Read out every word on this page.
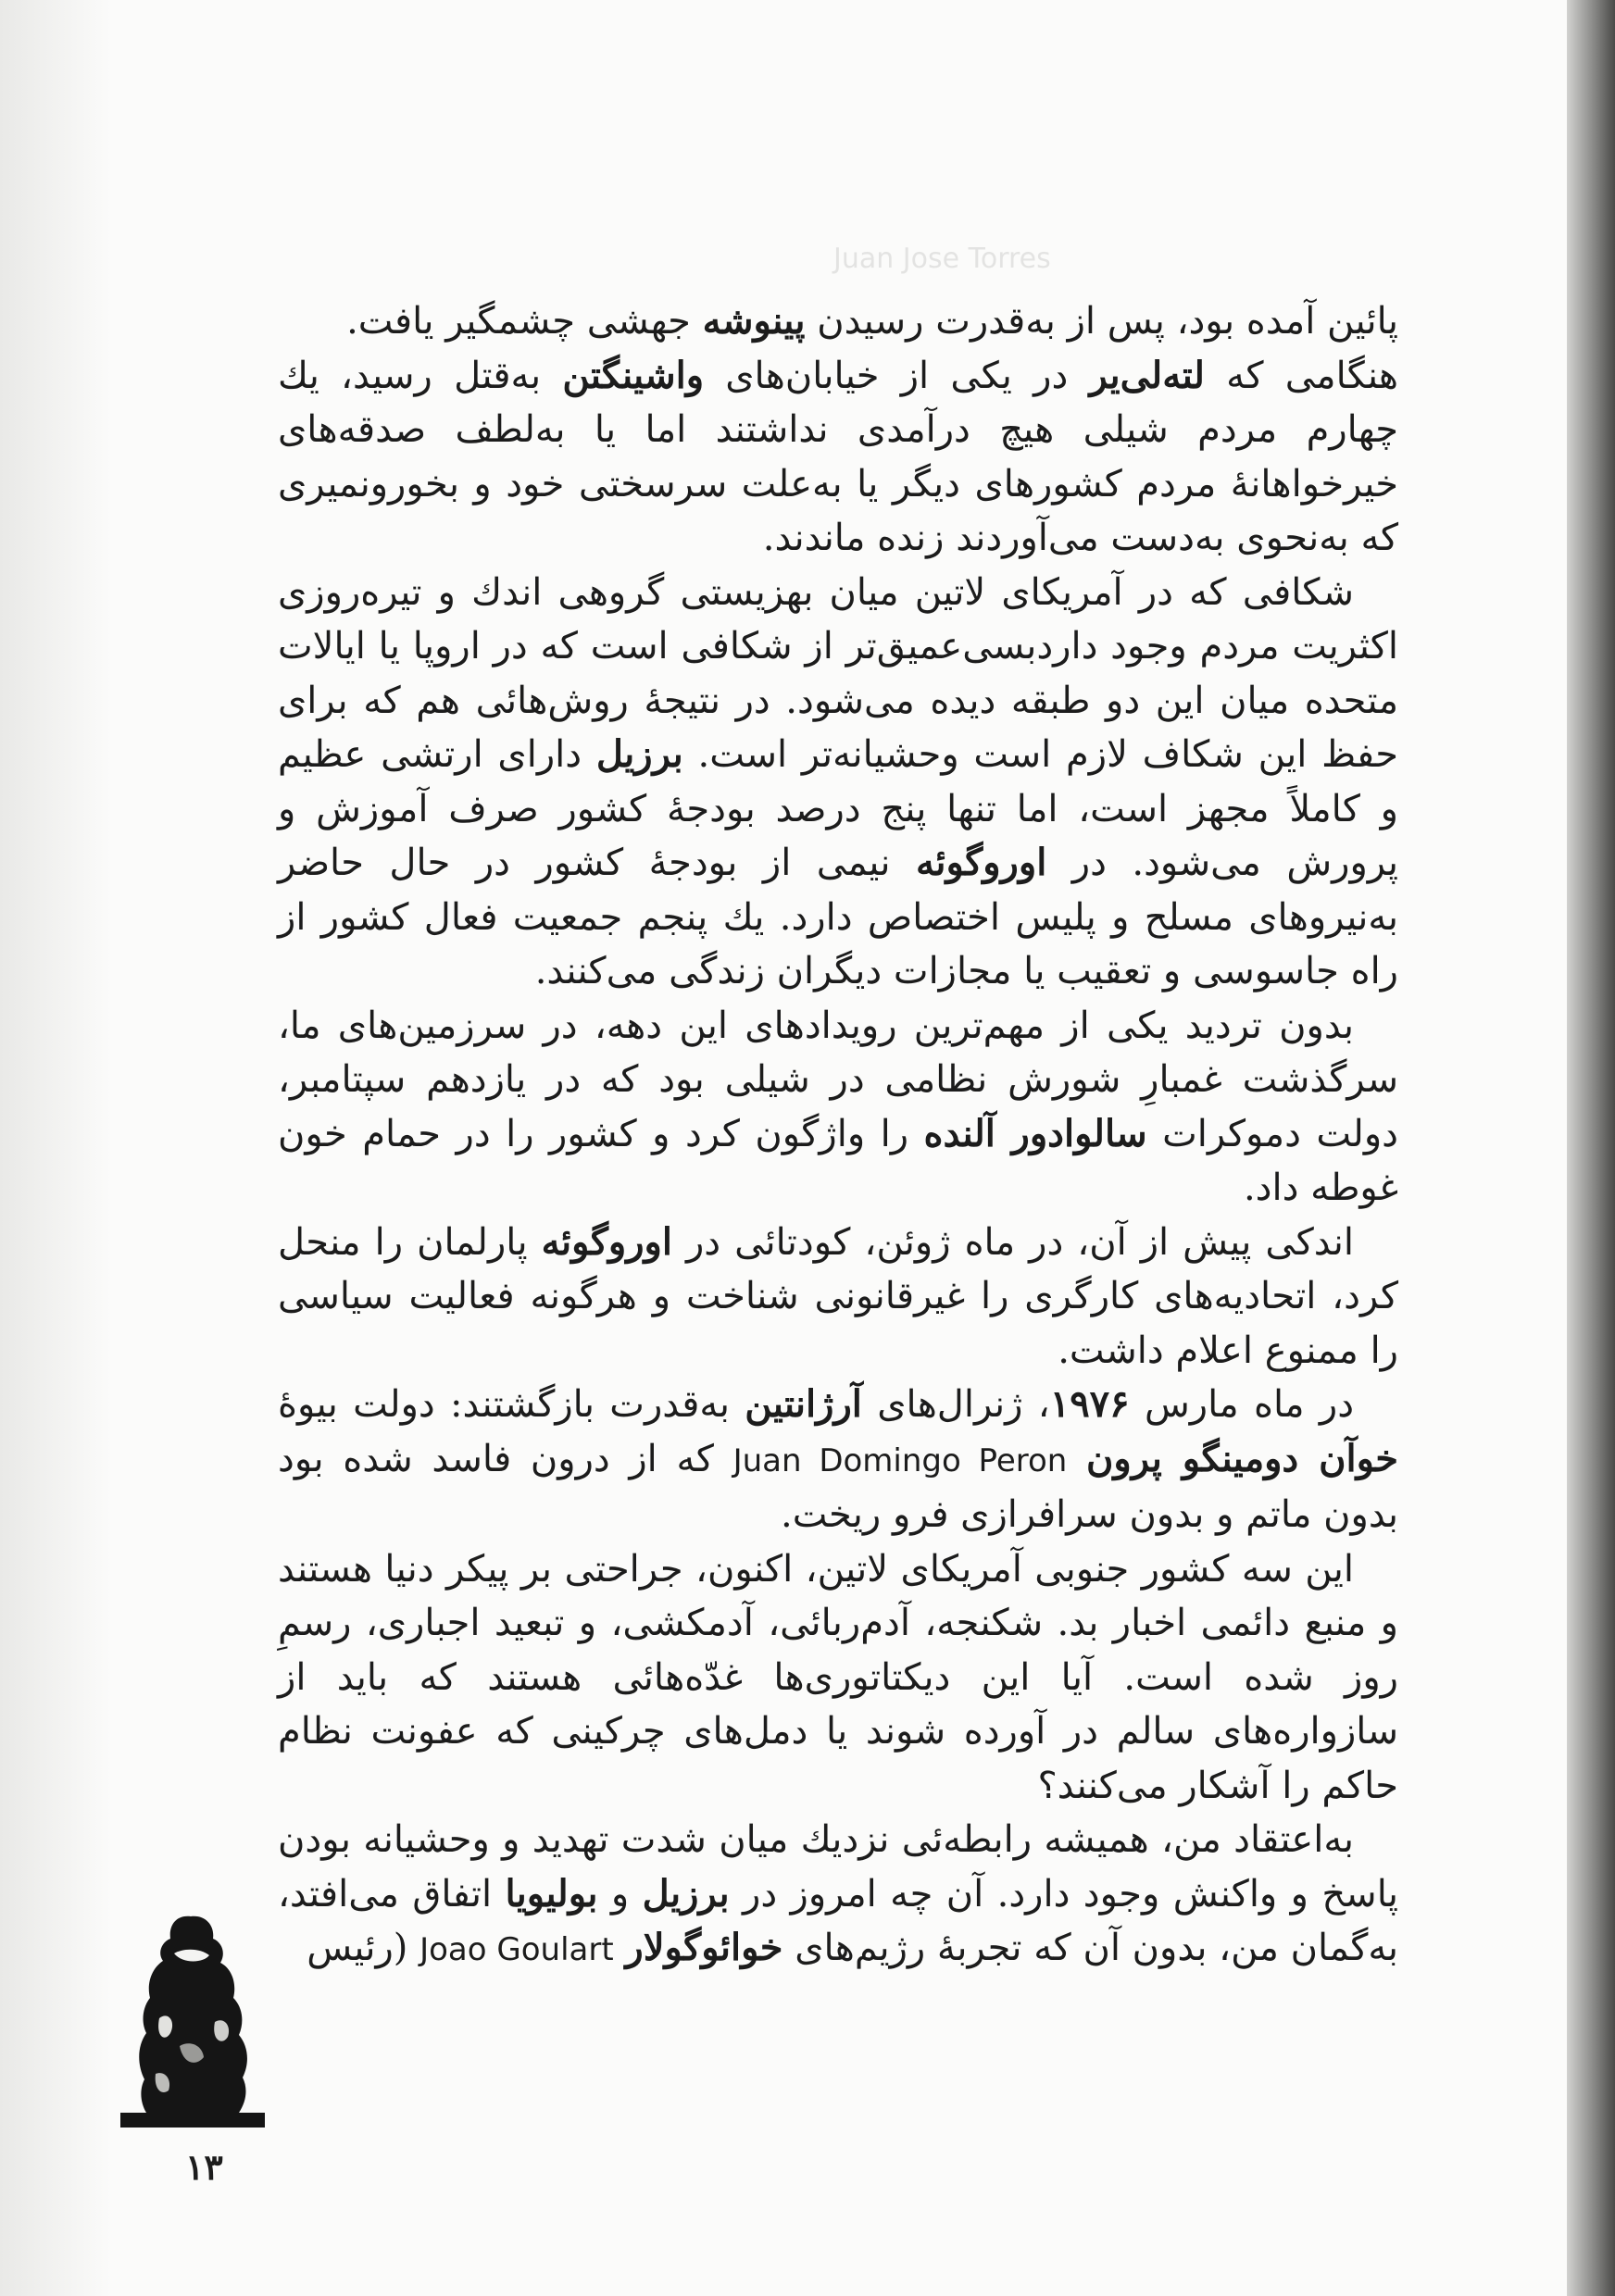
Juan Jose Torres

پائین آمده بود، پس از به‌قدرت رسیدن پینوشه جهشی چشمگیر یافت.

هنگامی که لته‌لی‌یر در یکی از خیابان‌های واشینگتن به‌قتل رسید، یك چهارم مردم شیلی هیچ درآمدی نداشتند اما یا به‌لطف صدقه‌های خیرخواهانهٔ مردم کشورهای دیگر یا به‌علت سرسختی خود و بخورونمیری که به‌نحوی به‌دست می‌آوردند زنده ماندند.

شکافی که در آمریکای لاتین میان بهزیستی گروهی اندك و تیره‌روزی اکثریت مردم وجود داردبسی‌عمیق‌تر از شکافی است که در اروپا یا ایالات متحده میان این دو طبقه دیده می‌شود. در نتیجهٔ روش‌هائی هم که برای حفظ این شکاف لازم است وحشیانه‌تر است. برزیل دارای ارتشی عظیم و کاملاً مجهز است، اما تنها پنج درصد بودجهٔ کشور صرف آموزش و پرورش می‌شود. در اوروگوئه نیمی از بودجهٔ کشور در حال حاضر به‌نیروهای مسلح و پلیس اختصاص دارد. یك پنجم جمعیت فعال کشور از راه جاسوسی و تعقیب یا مجازات دیگران زندگی می‌کنند.

بدون تردید یکی از مهم‌ترین رویدادهای این دهه، در سرزمین‌های ما، سرگذشت غمبارِ شورش نظامی در شیلی بود که در یازدهم سپتامبر، دولت دموکرات سالوادور آلنده را واژگون کرد و کشور را در حمام خون غوطه داد.

اندکی پیش از آن، در ماه ژوئن، کودتائی در اوروگوئه پارلمان را منحل کرد، اتحادیه‌های کارگری را غیرقانونی شناخت و هرگونه فعالیت سیاسی را ممنوع اعلام داشت.

در ماه مارس ۱۹۷۶، ژنرال‌های آرژانتین به‌قدرت بازگشتند: دولت بیوهٔ خوآن دومینگو پرون Juan Domingo Peron که از درون فاسد شده بود بدون ماتم و بدون سرافرازی فرو ریخت.

این سه کشور جنوبی آمریکای لاتین، اکنون، جراحتی بر پیکر دنیا هستند و منبع دائمی اخبار بد. شکنجه، آدم‌ربائی، آدمکشی، و تبعید اجباری، رسمِ روز شده است. آیا این دیکتاتوری‌ها غدّه‌هائی هستند که باید از سازواره‌های سالم در آورده شوند یا دمل‌های چرکینی که عفونت نظام حاکم را آشکار می‌کنند؟

به‌اعتقاد من، همیشه رابطه‌ئی نزدیك میان شدت تهدید و وحشیانه بودن پاسخ و واکنش وجود دارد. آن چه امروز در برزیل و بولیویا اتفاق می‌افتد، به‌گمان من، بدون آن که تجربهٔ رژیم‌های خوائوگولار Joao Goulart (رئیس

۱۳
